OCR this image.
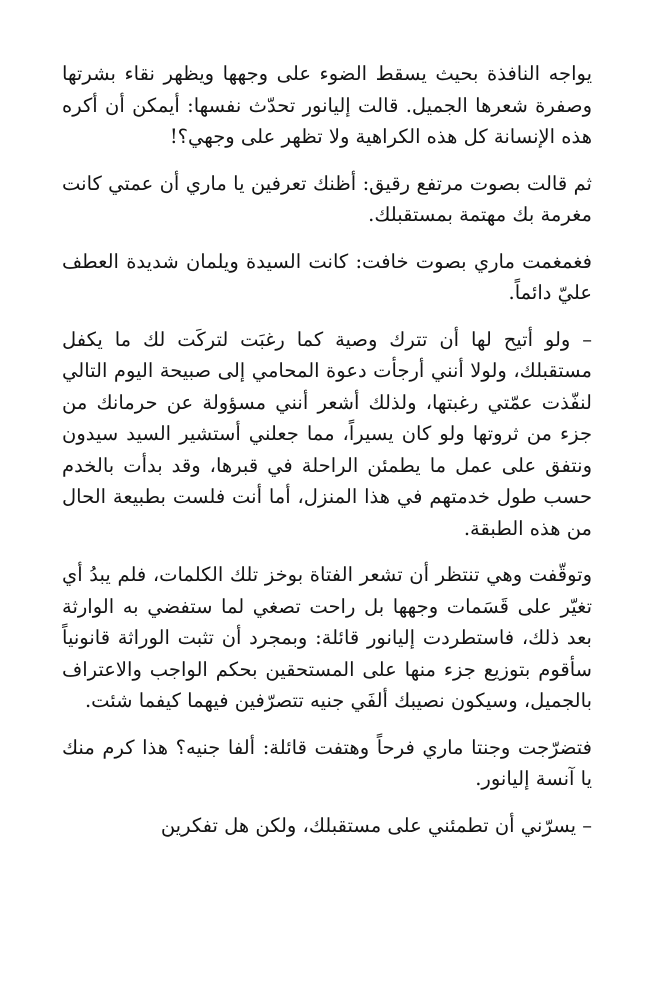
يواجه النافذة بحيث يسقط الضوء على وجهها ويظهر نقاء بشرتها وصفرة شعرها الجميل. قالت إليانور تحدّث نفسها: أيمكن أن أكره هذه الإنسانة كل هذه الكراهية ولا تظهر على وجهي؟!

ثم قالت بصوت مرتفع رقيق: أظنك تعرفين يا ماري أن عمتي كانت مغرمة بك مهتمة بمستقبلك.

فغمغمت ماري بصوت خافت: كانت السيدة ويلمان شديدة العطف عليّ دائماً.

– ولو أتيح لها أن تترك وصية كما رغبَت لتركَت لك ما يكفل مستقبلك، ولولا أنني أرجأت دعوة المحامي إلى صبيحة اليوم التالي لنفّذت عمّتي رغبتها، ولذلك أشعر أنني مسؤولة عن حرمانك من جزء من ثروتها ولو كان يسيراً، مما جعلني أستشير السيد سيدون ونتفق على عمل ما يطمئن الراحلة في قبرها، وقد بدأت بالخدم حسب طول خدمتهم في هذا المنزل، أما أنت فلست بطبيعة الحال من هذه الطبقة.

وتوقّفت وهي تنتظر أن تشعر الفتاة بوخز تلك الكلمات، فلم يبدُ أي تغيّر على قَسَمات وجهها بل راحت تصغي لما ستفضي به الوارثة بعد ذلك، فاستطردت إليانور قائلة: وبمجرد أن تثبت الوراثة قانونياً سأقوم بتوزيع جزء منها على المستحقين بحكم الواجب والاعتراف بالجميل، وسيكون نصيبك ألفَي جنيه تتصرّفين فيهما كيفما شئت.

فتضرّجت وجنتا ماري فرحاً وهتفت قائلة: ألفا جنيه؟ هذا كرم منك يا آنسة إليانور.

– يسرّني أن تطمئني على مستقبلك، ولكن هل تفكرين
